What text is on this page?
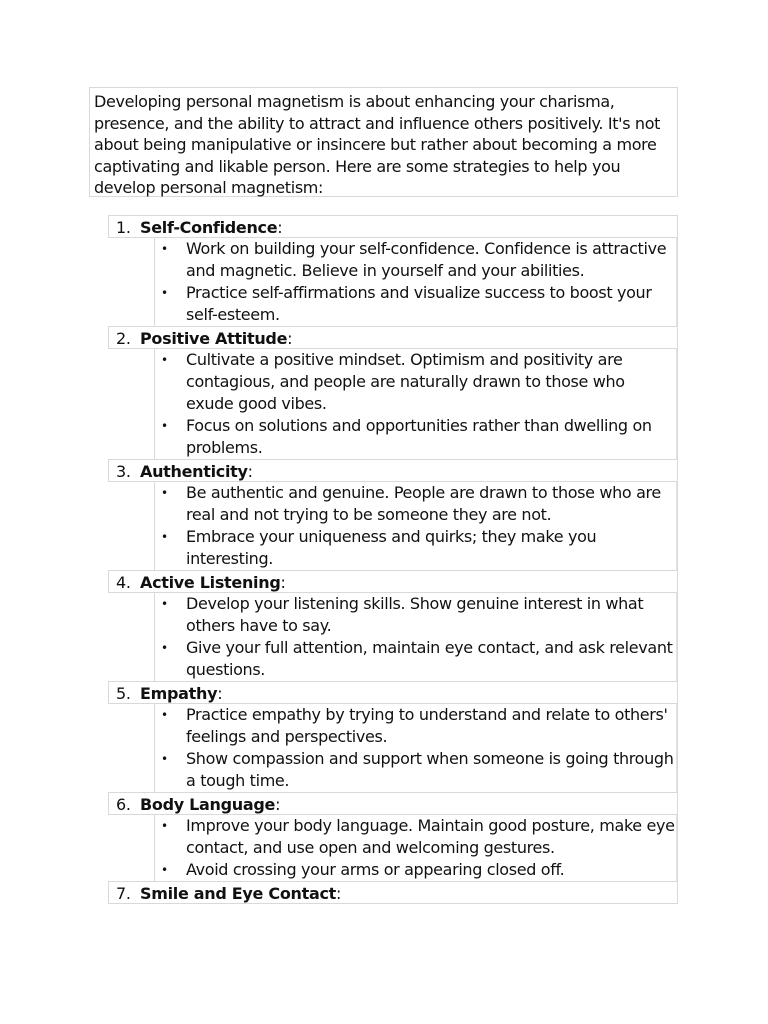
Developing personal magnetism is about enhancing your charisma, presence, and the ability to attract and influence others positively. It's not about being manipulative or insincere but rather about becoming a more captivating and likable person. Here are some strategies to help you develop personal magnetism:
1. Self-Confidence:
• Work on building your self-confidence. Confidence is attractive and magnetic. Believe in yourself and your abilities.
• Practice self-affirmations and visualize success to boost your self-esteem.
2. Positive Attitude:
• Cultivate a positive mindset. Optimism and positivity are contagious, and people are naturally drawn to those who exude good vibes.
• Focus on solutions and opportunities rather than dwelling on problems.
3. Authenticity:
• Be authentic and genuine. People are drawn to those who are real and not trying to be someone they are not.
• Embrace your uniqueness and quirks; they make you interesting.
4. Active Listening:
• Develop your listening skills. Show genuine interest in what others have to say.
• Give your full attention, maintain eye contact, and ask relevant questions.
5. Empathy:
• Practice empathy by trying to understand and relate to others' feelings and perspectives.
• Show compassion and support when someone is going through a tough time.
6. Body Language:
• Improve your body language. Maintain good posture, make eye contact, and use open and welcoming gestures.
• Avoid crossing your arms or appearing closed off.
7. Smile and Eye Contact:
